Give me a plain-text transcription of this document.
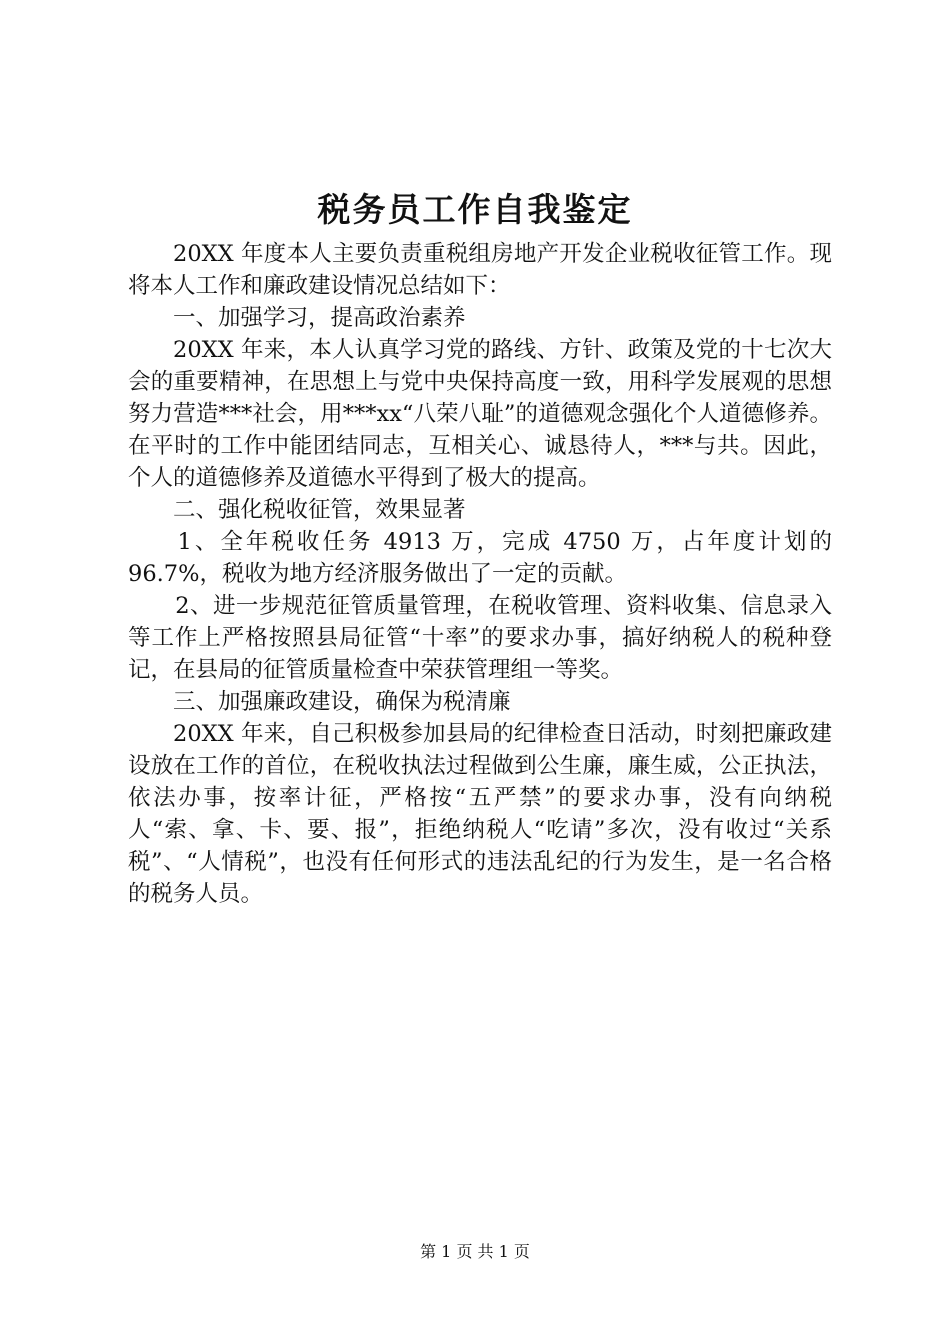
税务员工作自我鉴定

20XX 年度本人主要负责重税组房地产开发企业税收征管工作。现将本人工作和廉政建设情况总结如下：

一、加强学习，提高政治素养

20XX 年来，本人认真学习党的路线、方针、政策及党的十七次大会的重要精神，在思想上与党中央保持高度一致，用科学发展观的思想努力营造***社会，用***xx“八荣八耻”的道德观念强化个人道德修养。在平时的工作中能团结同志，互相关心、诚恳待人，***与共。因此，个人的道德修养及道德水平得到了极大的提高。

二、强化税收征管，效果显著

1、全年税收任务 4913 万，完成 4750 万，占年度计划的 96.7%，税收为地方经济服务做出了一定的贡献。

2、进一步规范征管质量管理，在税收管理、资料收集、信息录入等工作上严格按照县局征管“十率”的要求办事，搞好纳税人的税种登记，在县局的征管质量检查中荣获管理组一等奖。

三、加强廉政建设，确保为税清廉

20XX 年来，自己积极参加县局的纪律检查日活动，时刻把廉政建设放在工作的首位，在税收执法过程做到公生廉，廉生威，公正执法，依法办事，按率计征，严格按“五严禁”的要求办事，没有向纳税人“索、拿、卡、要、报”，拒绝纳税人“吃请”多次，没有收过“关系税”、“人情税”，也没有任何形式的违法乱纪的行为发生，是一名合格的税务人员。

第 1 页 共 1 页
